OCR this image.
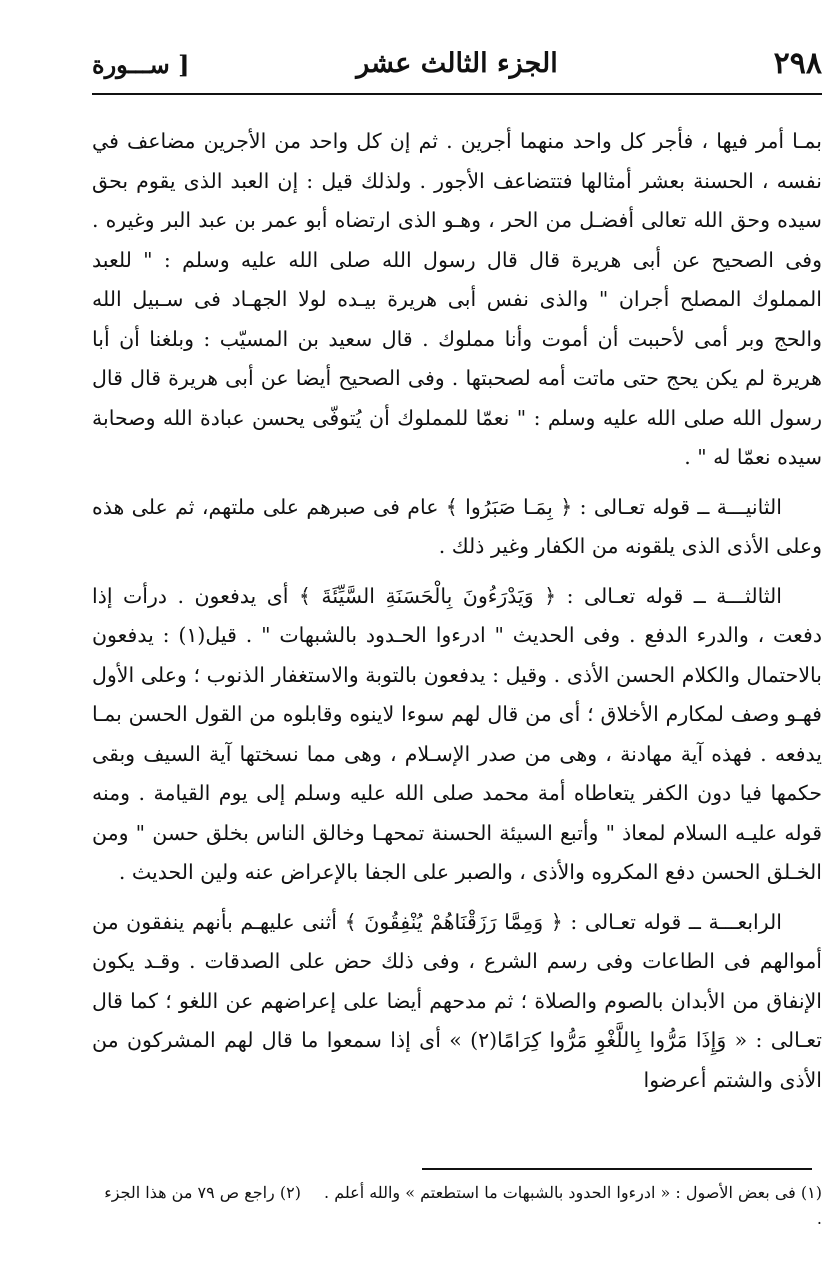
٢٩٨
الجزء الثالث عشر
[ ســـورة

بمـا أمر فيها ، فأجر كل واحد منهما أجرين . ثم إن كل واحد من الأجرين مضاعف في نفسه ، الحسنة بعشر أمثالها فتتضاعف الأجور . ولذلك قيل : إن العبد الذى يقوم بحق سيده وحق الله تعالى أفضـل من الحر ، وهـو الذى ارتضاه أبو عمر بن عبد البر وغيره . وفى الصحيح عن أبى هريرة قال قال رسول الله صلى الله عليه وسلم : " للعبد المملوك المصلح أجران " والذى نفس أبى هريرة بيـده لولا الجهـاد فى سـبيل الله والحج وبر أمى لأحببت أن أموت وأنا مملوك . قال سعيد بن المسيّب : وبلغنا أن أبا هريرة لم يكن يحج حتى ماتت أمه لصحبتها . وفى الصحيح أيضا عن أبى هريرة قال قال رسول الله صلى الله عليه وسلم : " نعمّا للمملوك أن يُتوفّى يحسن عبادة الله وصحابة سيده نعمّا له " .

الثانيـــة ــ قوله تعـالى : ﴿ بِمَـا صَبَرُوا ﴾ عام فى صبرهم على ملتهم، ثم على هذه وعلى الأذى الذى يلقونه من الكفار وغير ذلك .

الثالثـــة ــ قوله تعـالى : ﴿ وَيَدْرَءُونَ بِالْحَسَنَةِ السَّيِّئَةَ ﴾ أى يدفعون . درأت إذا دفعت ، والدرء الدفع . وفى الحديث " ادرءوا الحـدود بالشبهات " . قيل(١) : يدفعون بالاحتمال والكلام الحسن الأذى . وقيل : يدفعون بالتوبة والاستغفار الذنوب ؛ وعلى الأول فهـو وصف لمكارم الأخلاق ؛ أى من قال لهم سوءا لاينوه وقابلوه من القول الحسن بمـا يدفعه . فهذه آية مهادنة ، وهى من صدر الإسـلام ، وهى مما نسختها آية السيف وبقى حكمها فيا دون الكفر يتعاطاه أمة محمد صلى الله عليه وسلم إلى يوم القيامة . ومنه قوله عليـه السلام لمعاذ " وأتبع السيئة الحسنة تمحهـا وخالق الناس بخلق حسن " ومن الخـلق الحسن دفع المكروه والأذى ، والصبر على الجفا بالإعراض عنه ولين الحديث .

الرابعـــة ــ قوله تعـالى : ﴿ وَمِمَّا رَزَقْنَاهُمْ يُنْفِقُونَ ﴾ أثنى عليهـم بأنهم ينفقون من أموالهم فى الطاعات وفى رسم الشرع ، وفى ذلك حض على الصدقات . وقـد يكون الإنفاق من الأبدان بالصوم والصلاة ؛ ثم مدحهم أيضا على إعراضهم عن اللغو ؛ كما قال تعـالى : « وَإِذَا مَرُّوا بِاللَّغْوِ مَرُّوا كِرَامًا(٢) » أى إذا سمعوا ما قال لهم المشركون من الأذى والشتم أعرضوا

(١) فى بعض الأصول : « ادرءوا الحدود بالشبهات ما استطعتم » والله أعلم . (٢) راجع ص ٧٩ من هذا الجزء .
